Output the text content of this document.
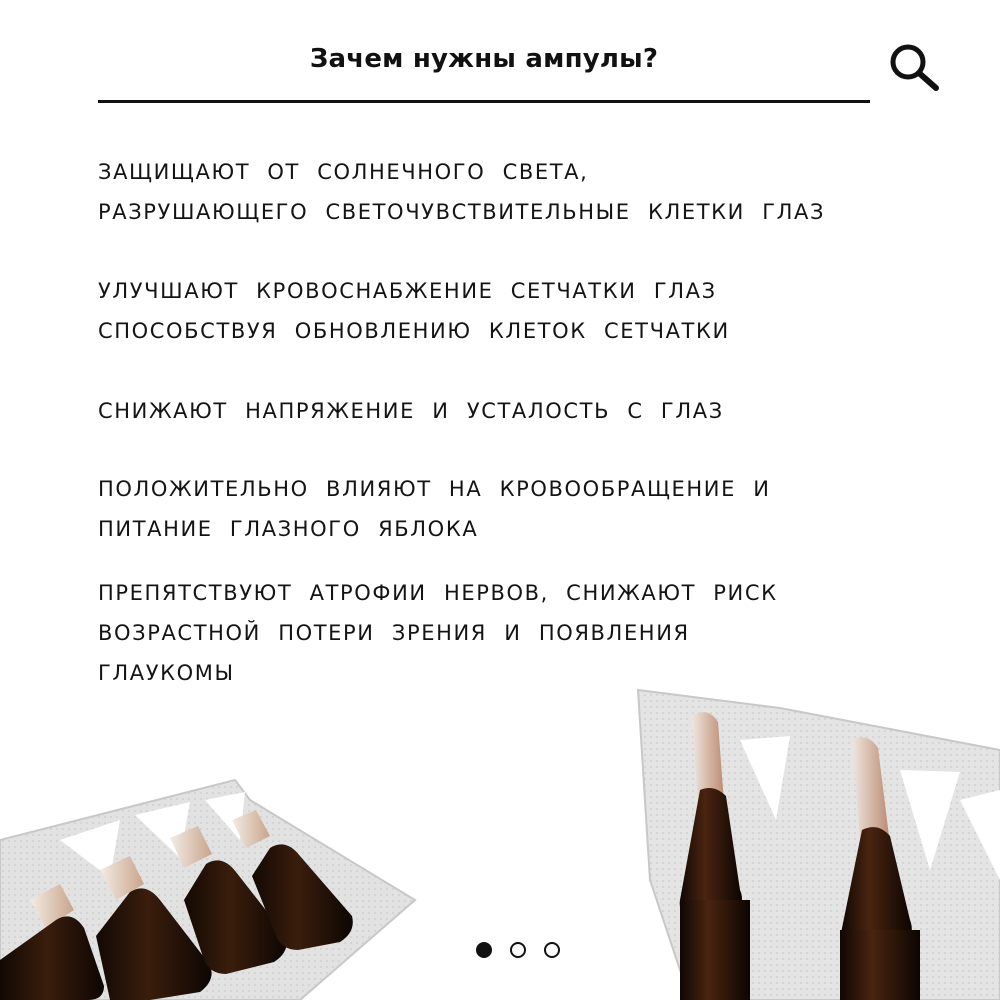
Зачем нужны ампулы?
ЗАЩИЩАЮТ ОТ СОЛНЕЧНОГО СВЕТА,
РАЗРУШАЮЩЕГО СВЕТОЧУВСТВИТЕЛЬНЫЕ КЛЕТКИ ГЛАЗ
УЛУЧШАЮТ КРОВОСНАБЖЕНИЕ СЕТЧАТКИ ГЛАЗ
СПОСОБСТВУЯ ОБНОВЛЕНИЮ КЛЕТОК СЕТЧАТКИ
СНИЖАЮТ НАПРЯЖЕНИЕ И УСТАЛОСТЬ С ГЛАЗ
ПОЛОЖИТЕЛЬНО ВЛИЯЮТ НА КРОВООБРАЩЕНИЕ И
ПИТАНИЕ ГЛАЗНОГО ЯБЛОКА
ПРЕПЯТСТВУЮТ АТРОФИИ НЕРВОВ, СНИЖАЮТ РИСК
ВОЗРАСТНОЙ ПОТЕРИ ЗРЕНИЯ И ПОЯВЛЕНИЯ
ГЛАУКОМЫ
